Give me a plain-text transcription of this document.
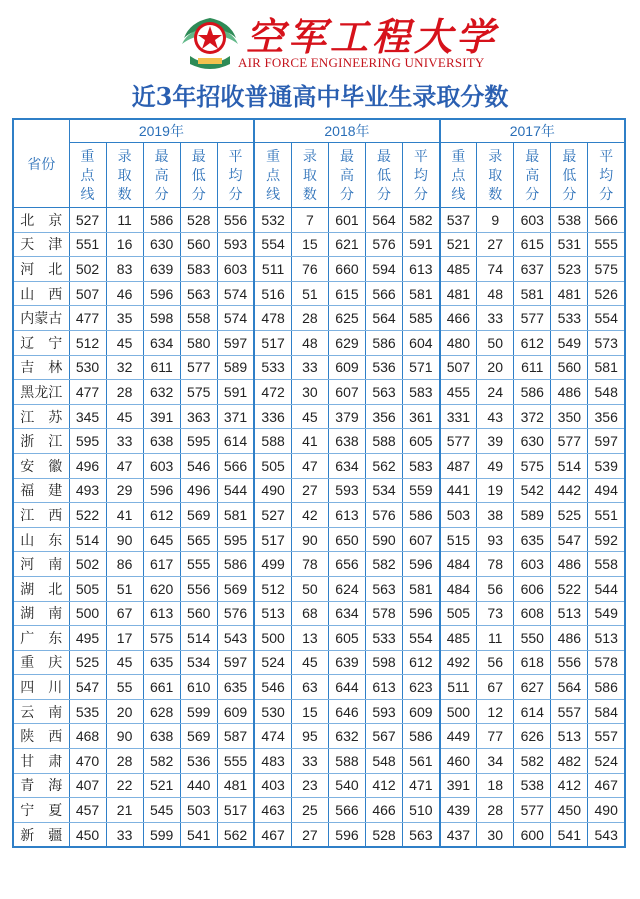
空军工程大学
AIR FORCE ENGINEERING UNIVERSITY
近3年招收普通高中毕业生录取分数
省份	2019年					2018年					2017年				

	重
点
线	录
取
数	最
高
分	最
低
分	平
均
分	重
点
线	录
取
数	最
高
分	最
低
分	平
均
分	重
点
线	录
取
数	最
高
分	最
低
分	平
均
分

北　京	527	11	586	528	556	532	7	601	564	582	537	9	603	538	566
天　津	551	16	630	560	593	554	15	621	576	591	521	27	615	531	555
河　北	502	83	639	583	603	511	76	660	594	613	485	74	637	523	575
山　西	507	46	596	563	574	516	51	615	566	581	481	48	581	481	526
内蒙古	477	35	598	558	574	478	28	625	564	585	466	33	577	533	554
辽　宁	512	45	634	580	597	517	48	629	586	604	480	50	612	549	573
吉　林	530	32	611	577	589	533	33	609	536	571	507	20	611	560	581
黑龙江	477	28	632	575	591	472	30	607	563	583	455	24	586	486	548
江　苏	345	45	391	363	371	336	45	379	356	361	331	43	372	350	356
浙　江	595	33	638	595	614	588	41	638	588	605	577	39	630	577	597
安　徽	496	47	603	546	566	505	47	634	562	583	487	49	575	514	539
福　建	493	29	596	496	544	490	27	593	534	559	441	19	542	442	494
江　西	522	41	612	569	581	527	42	613	576	586	503	38	589	525	551
山　东	514	90	645	565	595	517	90	650	590	607	515	93	635	547	592
河　南	502	86	617	555	586	499	78	656	582	596	484	78	603	486	558
湖　北	505	51	620	556	569	512	50	624	563	581	484	56	606	522	544
湖　南	500	67	613	560	576	513	68	634	578	596	505	73	608	513	549
广　东	495	17	575	514	543	500	13	605	533	554	485	11	550	486	513
重　庆	525	45	635	534	597	524	45	639	598	612	492	56	618	556	578
四　川	547	55	661	610	635	546	63	644	613	623	511	67	627	564	586
云　南	535	20	628	599	609	530	15	646	593	609	500	12	614	557	584
陕　西	468	90	638	569	587	474	95	632	567	586	449	77	626	513	557
甘　肃	470	28	582	536	555	483	33	588	548	561	460	34	582	482	524
青　海	407	22	521	440	481	403	23	540	412	471	391	18	538	412	467
宁　夏	457	21	545	503	517	463	25	566	466	510	439	28	577	450	490
新　疆	450	33	599	541	562	467	27	596	528	563	437	30	600	541	543
